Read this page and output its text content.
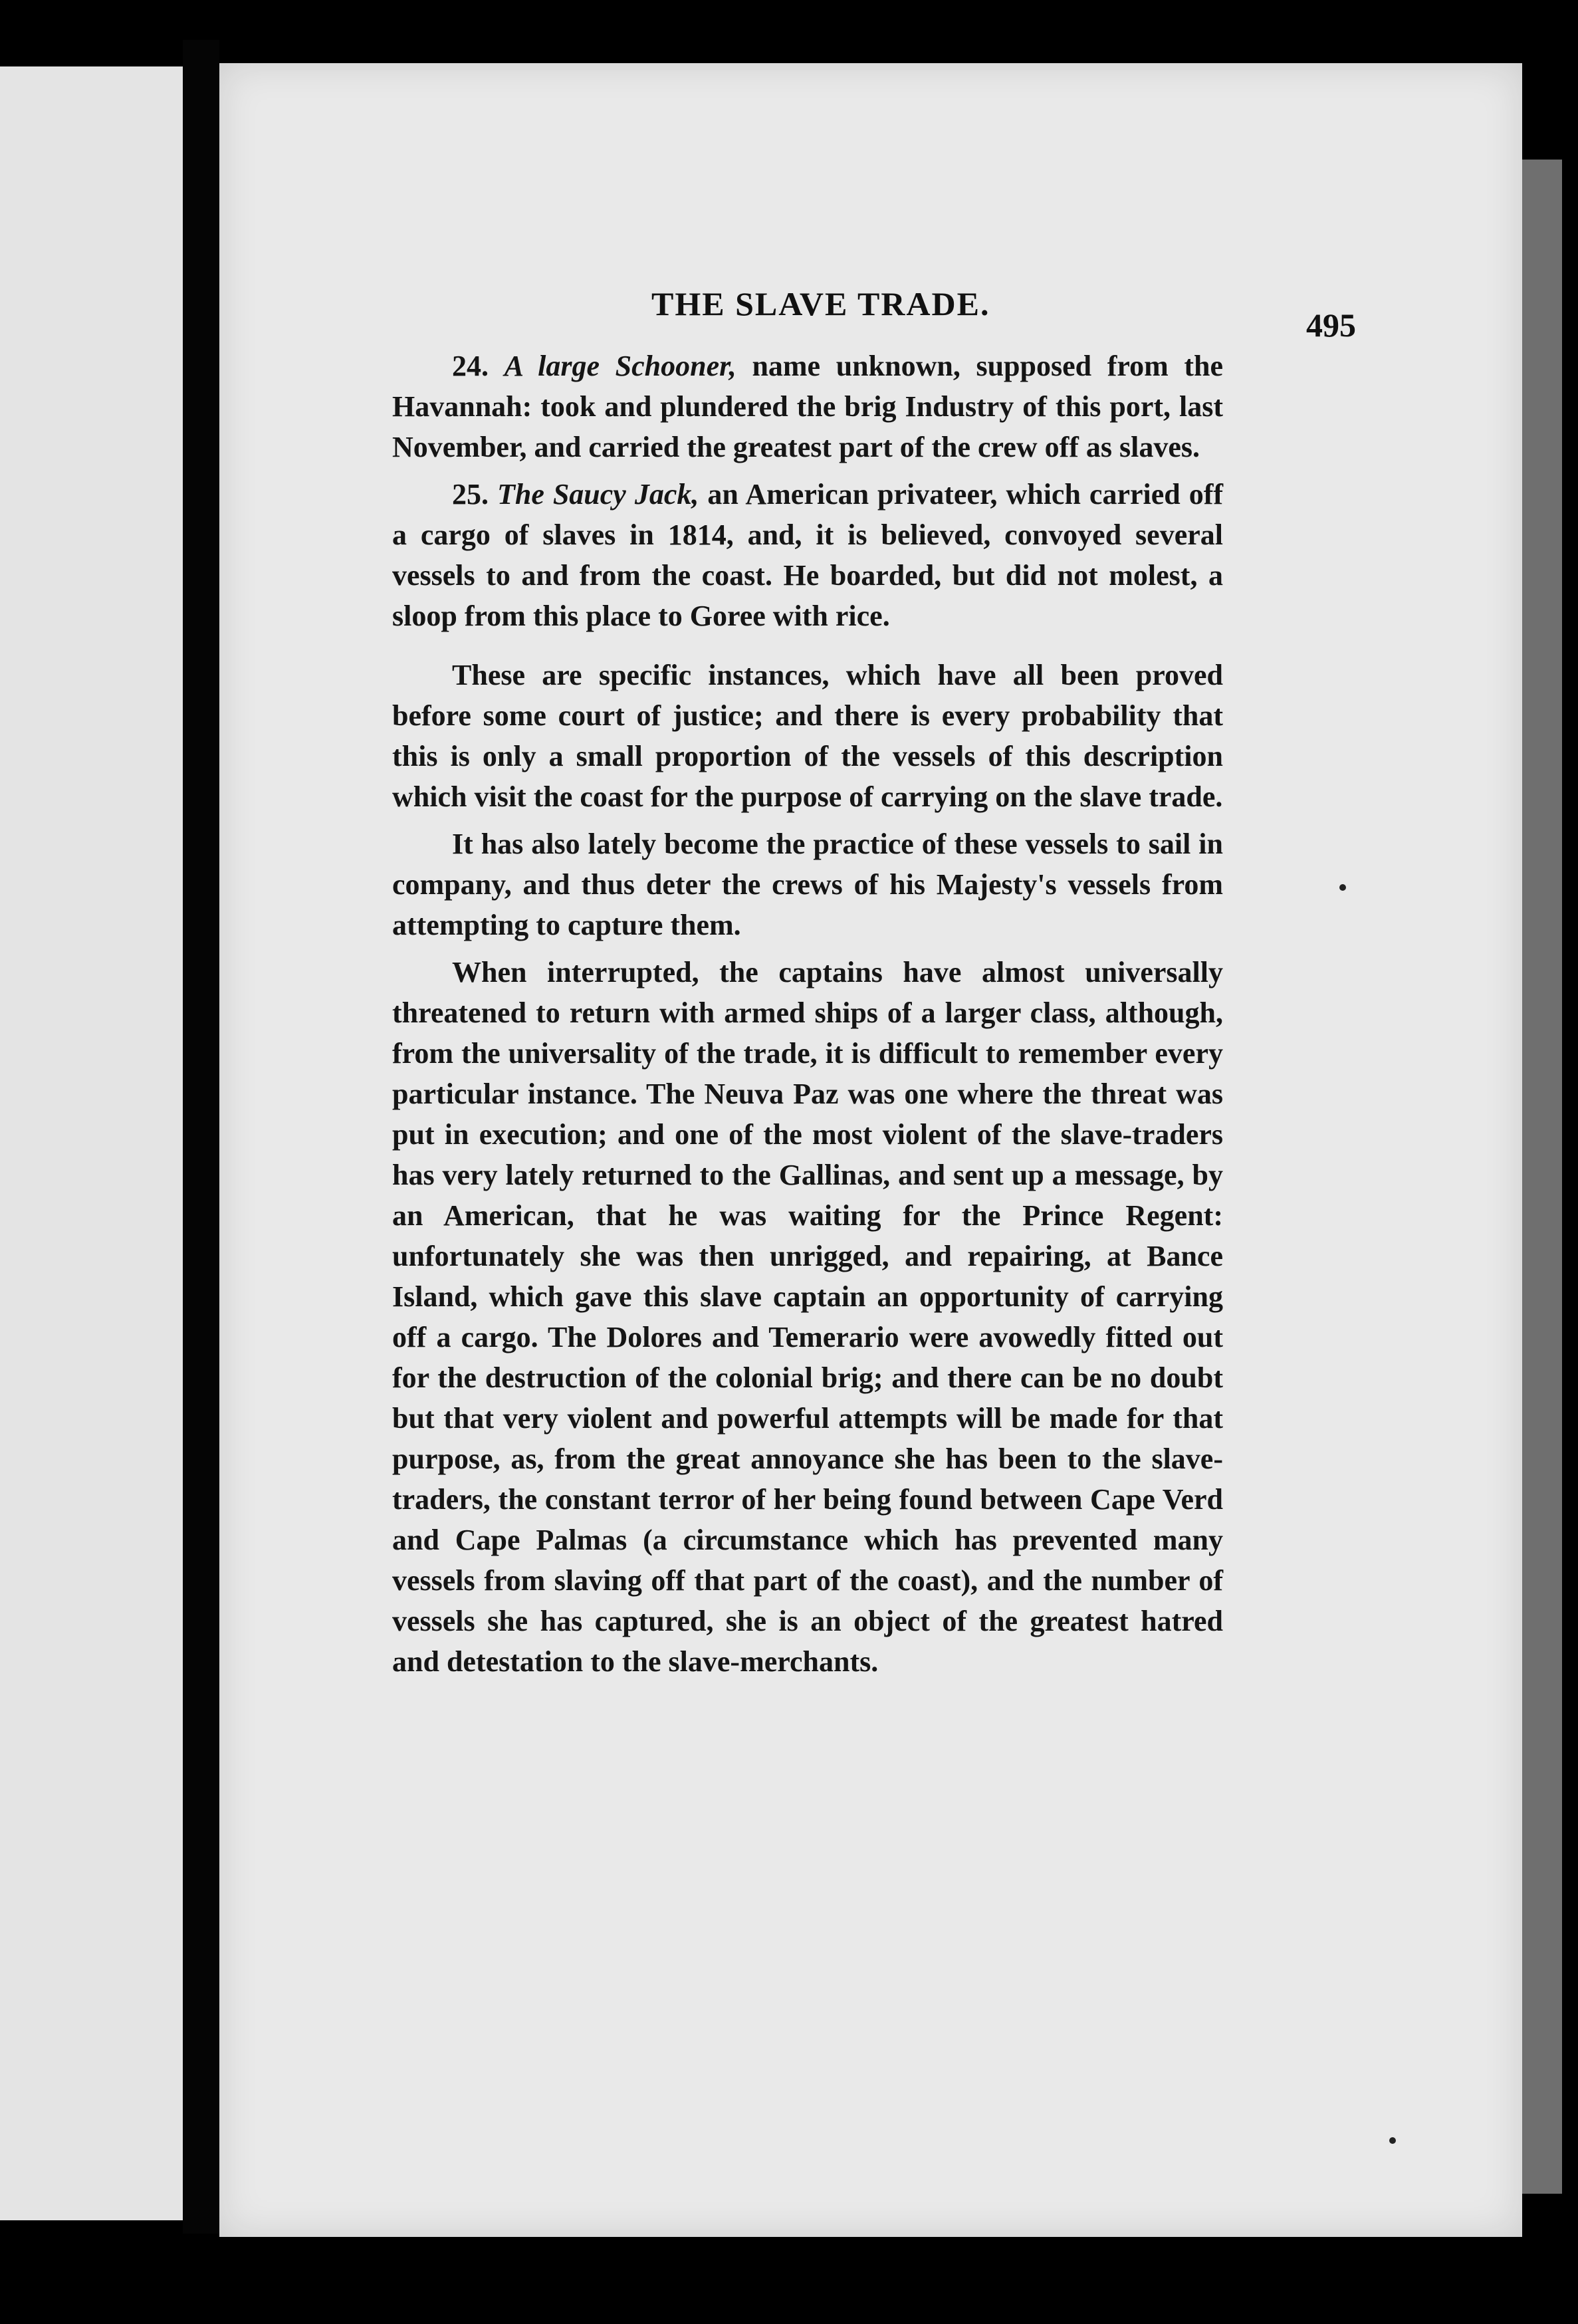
THE SLAVE TRADE.
495

24. A large Schooner, name unknown, supposed from the Havannah: took and plundered the brig Industry of this port, last November, and carried the greatest part of the crew off as slaves.

25. The Saucy Jack, an American privateer, which carried off a cargo of slaves in 1814, and, it is believed, convoyed several vessels to and from the coast. He boarded, but did not molest, a sloop from this place to Goree with rice.

These are specific instances, which have all been proved before some court of justice; and there is every probability that this is only a small proportion of the vessels of this description which visit the coast for the purpose of carrying on the slave trade.

It has also lately become the practice of these vessels to sail in company, and thus deter the crews of his Majesty's vessels from attempting to capture them.

When interrupted, the captains have almost universally threatened to return with armed ships of a larger class, although, from the universality of the trade, it is difficult to remember every particular instance. The Neuva Paz was one where the threat was put in execution; and one of the most violent of the slave-traders has very lately returned to the Gallinas, and sent up a message, by an American, that he was waiting for the Prince Regent: unfortunately she was then unrigged, and repairing, at Bance Island, which gave this slave captain an opportunity of carrying off a cargo. The Dolores and Temerario were avowedly fitted out for the destruction of the colonial brig; and there can be no doubt but that very violent and powerful attempts will be made for that purpose, as, from the great annoyance she has been to the slave-traders, the constant terror of her being found between Cape Verd and Cape Palmas (a circumstance which has prevented many vessels from slaving off that part of the coast), and the number of vessels she has captured, she is an object of the greatest hatred and detestation to the slave-merchants.
